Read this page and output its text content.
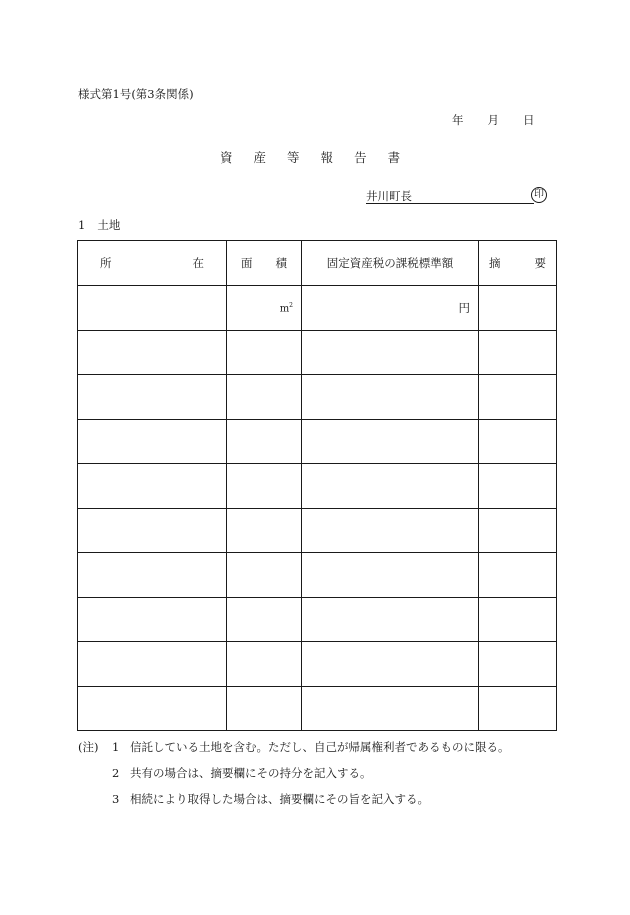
様式第1号(第3条関係)
年 月 日
資 産 等 報 告 書
井川町長	印
1 土地
所 在	面 積	固定資産税の課税標準額	摘 要

	$m^2$	円	

(注) 1 信託している土地を含む。ただし、自己が帰属権利者であるものに限る。
2 共有の場合は、摘要欄にその持分を記入する。
3 相続により取得した場合は、摘要欄にその旨を記入する。
